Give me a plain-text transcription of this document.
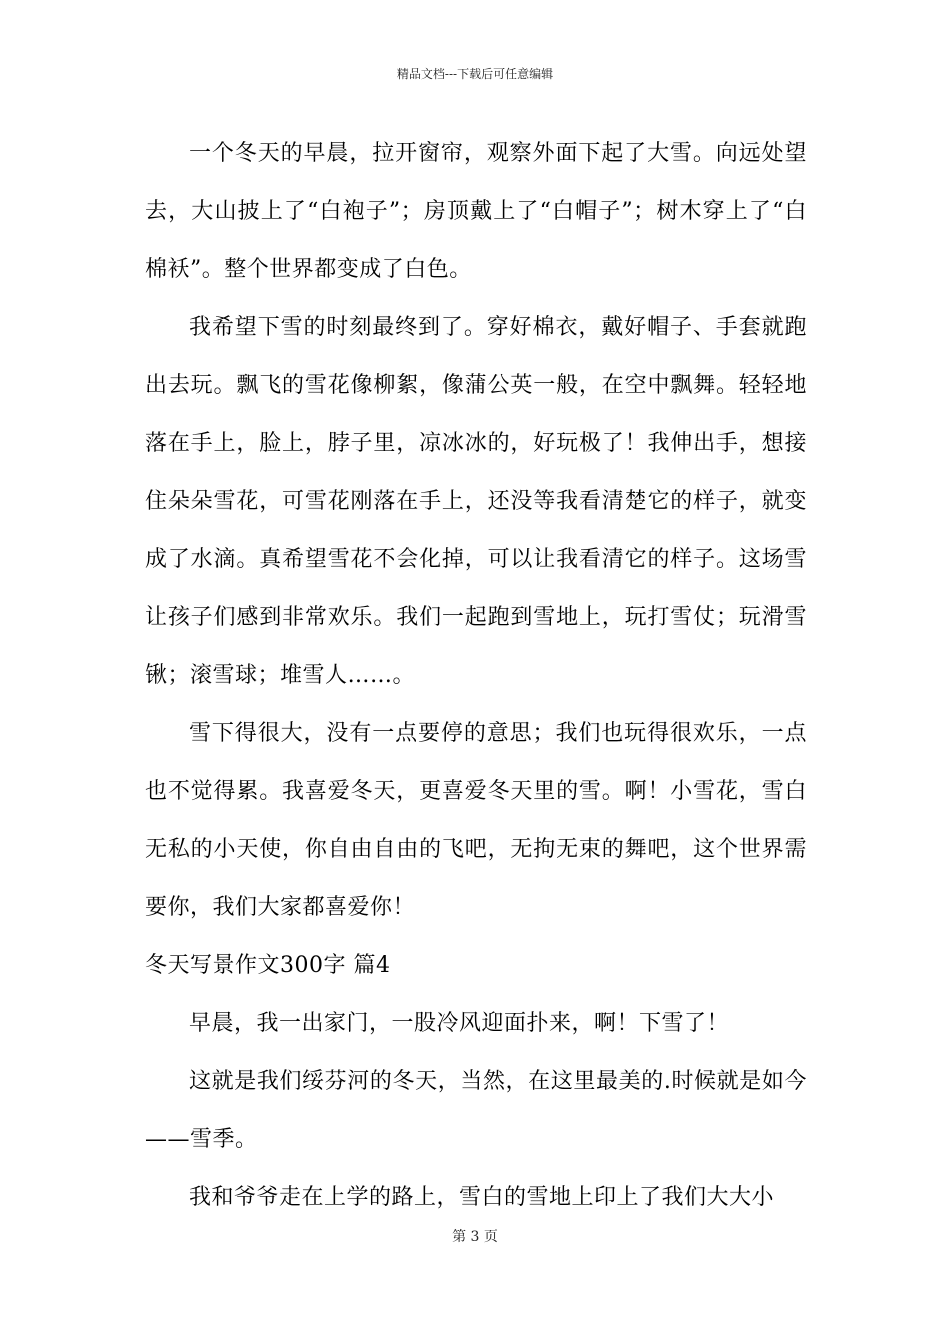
精品文档---下载后可任意编辑

一个冬天的早晨，拉开窗帘，观察外面下起了大雪。向远处望去，大山披上了“白袍子”；房顶戴上了“白帽子”；树木穿上了“白棉袄”。整个世界都变成了白色。

我希望下雪的时刻最终到了。穿好棉衣，戴好帽子、手套就跑出去玩。飘飞的雪花像柳絮，像蒲公英一般，在空中飘舞。轻轻地落在手上，脸上，脖子里，凉冰冰的，好玩极了！我伸出手，想接住朵朵雪花，可雪花刚落在手上，还没等我看清楚它的样子，就变成了水滴。真希望雪花不会化掉，可以让我看清它的样子。这场雪让孩子们感到非常欢乐。我们一起跑到雪地上，玩打雪仗；玩滑雪锹；滚雪球；堆雪人……。

雪下得很大，没有一点要停的意思；我们也玩得很欢乐，一点也不觉得累。我喜爱冬天，更喜爱冬天里的雪。啊！小雪花，雪白无私的小天使，你自由自由的飞吧，无拘无束的舞吧，这个世界需要你，我们大家都喜爱你！

冬天写景作文300字 篇4

早晨，我一出家门，一股冷风迎面扑来，啊！下雪了！

这就是我们绥芬河的冬天，当然，在这里最美的.时候就是如今——雪季。

我和爷爷走在上学的路上，雪白的雪地上印上了我们大大小

第 3 页
